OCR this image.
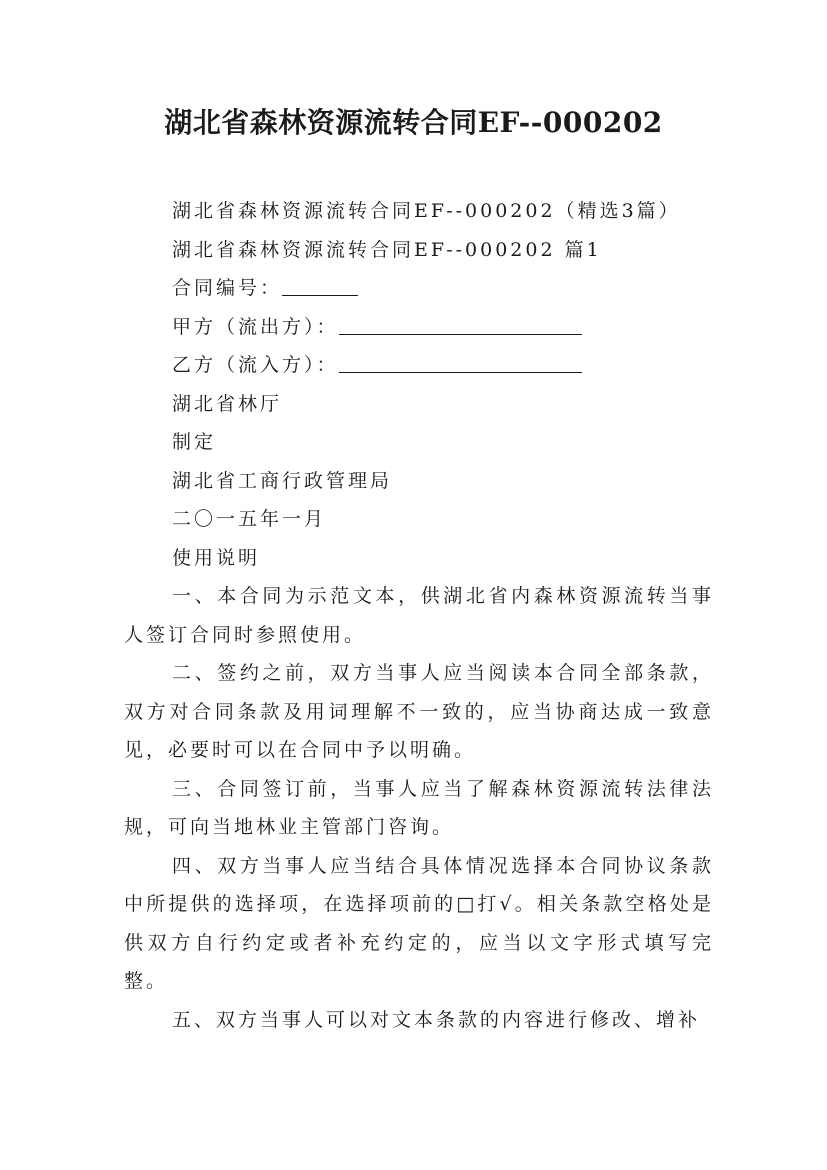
湖北省森林资源流转合同EF--000202
湖北省森林资源流转合同EF--000202（精选3篇）
湖北省森林资源流转合同EF--000202 篇1
合同编号：
甲方（流出方）：
乙方（流入方）：
湖北省林厅
制定
湖北省工商行政管理局
二〇一五年一月
使用说明

一、本合同为示范文本，供湖北省内森林资源流转当事人签订合同时参照使用。

二、签约之前，双方当事人应当阅读本合同全部条款，双方对合同条款及用词理解不一致的，应当协商达成一致意见，必要时可以在合同中予以明确。

三、合同签订前，当事人应当了解森林资源流转法律法规，可向当地林业主管部门咨询。

四、双方当事人应当结合具体情况选择本合同协议条款中所提供的选择项，在选择项前的□打√。相关条款空格处是供双方自行约定或者补充约定的，应当以文字形式填写完整。

五、双方当事人可以对文本条款的内容进行修改、增补
